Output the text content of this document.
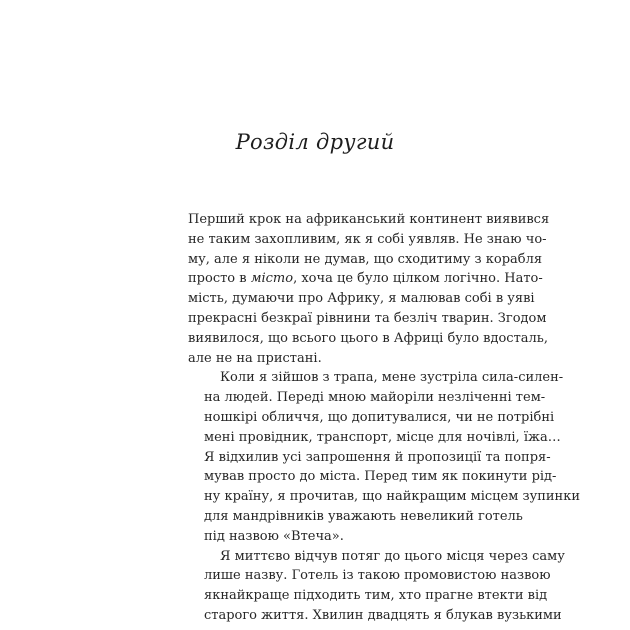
Розділ другий

Перший крок на африканський континент виявився
не таким захопливим, як я собі уявляв. Не знаю чо-
му, але я ніколи не думав, що сходитиму з корабля
просто в місто, хоча це було цілком логічно. Нато-
мість, думаючи про Африку, я малював собі в уяві
прекрасні безкраї рівнини та безліч тварин. Згодом
виявилося, що всього цього в Африці було вдосталь,
але не на пристані.

Коли я зійшов з трапа, мене зустріла сила-силен-
на людей. Переді мною майоріли незліченні тем-
ношкірі обличчя, що допитувалися, чи не потрібні
мені провідник, транспорт, місце для ночівлі, їжа…
Я відхилив усі запрошення й пропозиції та попря-
мував просто до міста. Перед тим як покинути рід-
ну країну, я прочитав, що найкращим місцем зупинки
для мандрівників уважають невеликий готель
під назвою «Втеча».

Я миттєво відчув потяг до цього місця через саму
лише назву. Готель із такою промовистою назвою
якнайкраще підходить тим, хто прагне втекти від
старого життя. Хвилин двадцять я блукав вузькими
